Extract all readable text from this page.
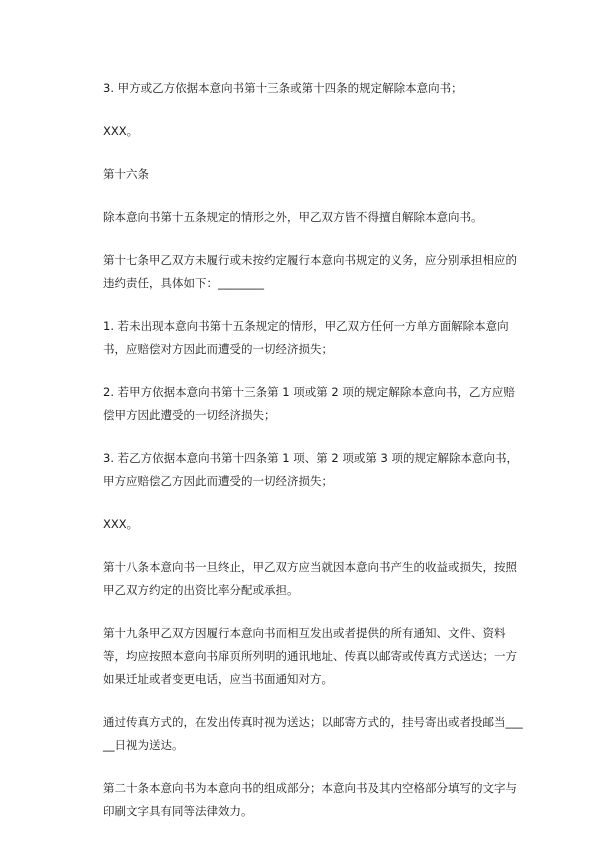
3. 甲方或乙方依据本意向书第十三条或第十四条的规定解除本意向书；

XXX。

第十六条

除本意向书第十五条规定的情形之外，甲乙双方皆不得擅自解除本意向书。

第十七条甲乙双方未履行或未按约定履行本意向书规定的义务，应分别承担相应的违约责任，具体如下：________

1. 若未出现本意向书第十五条规定的情形，甲乙双方任何一方单方面解除本意向书，应赔偿对方因此而遭受的一切经济损失；

2. 若甲方依据本意向书第十三条第 1 项或第 2 项的规定解除本意向书，乙方应赔偿甲方因此遭受的一切经济损失；

3. 若乙方依据本意向书第十四条第 1 项、第 2 项或第 3 项的规定解除本意向书，甲方应赔偿乙方因此而遭受的一切经济损失；

XXX。

第十八条本意向书一旦终止，甲乙双方应当就因本意向书产生的收益或损失，按照甲乙双方约定的出资比率分配或承担。

第十九条甲乙双方因履行本意向书而相互发出或者提供的所有通知、文件、资料等，均应按照本意向书扉页所列明的通讯地址、传真以邮寄或传真方式送达；一方如果迁址或者变更电话，应当书面通知对方。

通过传真方式的，在发出传真时视为送达；以邮寄方式的，挂号寄出或者投邮当_____日视为送达。

第二十条本意向书为本意向书的组成部分；本意向书及其内空格部分填写的文字与印刷文字具有同等法律效力。
